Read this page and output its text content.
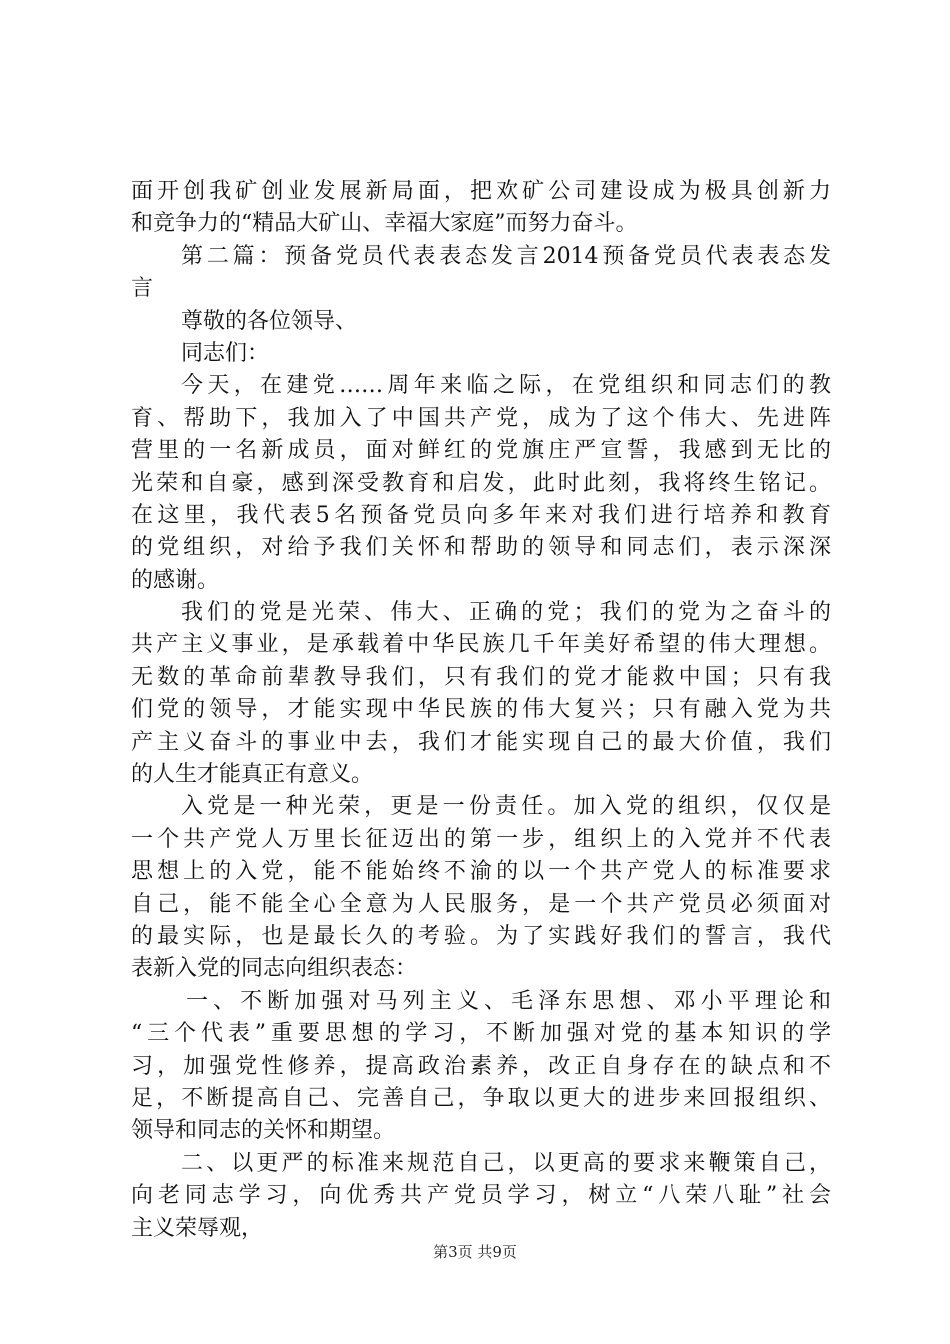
面开创我矿创业发展新局面，把欢矿公司建设成为极具创新力
和竞争力的“精品大矿山、幸福大家庭”而努力奋斗。
第二篇：预备党员代表表态发言2014预备党员代表表态发
言
尊敬的各位领导、
同志们：
今天，在建党……周年来临之际，在党组织和同志们的教
育、帮助下，我加入了中国共产党，成为了这个伟大、先进阵
营里的一名新成员，面对鲜红的党旗庄严宣誓，我感到无比的
光荣和自豪，感到深受教育和启发，此时此刻，我将终生铭记。
在这里，我代表5名预备党员向多年来对我们进行培养和教育
的党组织，对给予我们关怀和帮助的领导和同志们，表示深深
的感谢。
我们的党是光荣、伟大、正确的党；我们的党为之奋斗的
共产主义事业，是承载着中华民族几千年美好希望的伟大理想。
无数的革命前辈教导我们，只有我们的党才能救中国；只有我
们党的领导，才能实现中华民族的伟大复兴；只有融入党为共
产主义奋斗的事业中去，我们才能实现自己的最大价值，我们
的人生才能真正有意义。
入党是一种光荣，更是一份责任。加入党的组织，仅仅是
一个共产党人万里长征迈出的第一步，组织上的入党并不代表
思想上的入党，能不能始终不渝的以一个共产党人的标准要求
自己，能不能全心全意为人民服务，是一个共产党员必须面对
的最实际，也是最长久的考验。为了实践好我们的誓言，我代
表新入党的同志向组织表态：
一、不断加强对马列主义、毛泽东思想、邓小平理论和
“三个代表”重要思想的学习，不断加强对党的基本知识的学
习，加强党性修养，提高政治素养，改正自身存在的缺点和不
足，不断提高自己、完善自己，争取以更大的进步来回报组织、
领导和同志的关怀和期望。
二、以更严的标准来规范自己，以更高的要求来鞭策自己，
向老同志学习，向优秀共产党员学习，树立“八荣八耻”社会
主义荣辱观，
第3页 共9页
